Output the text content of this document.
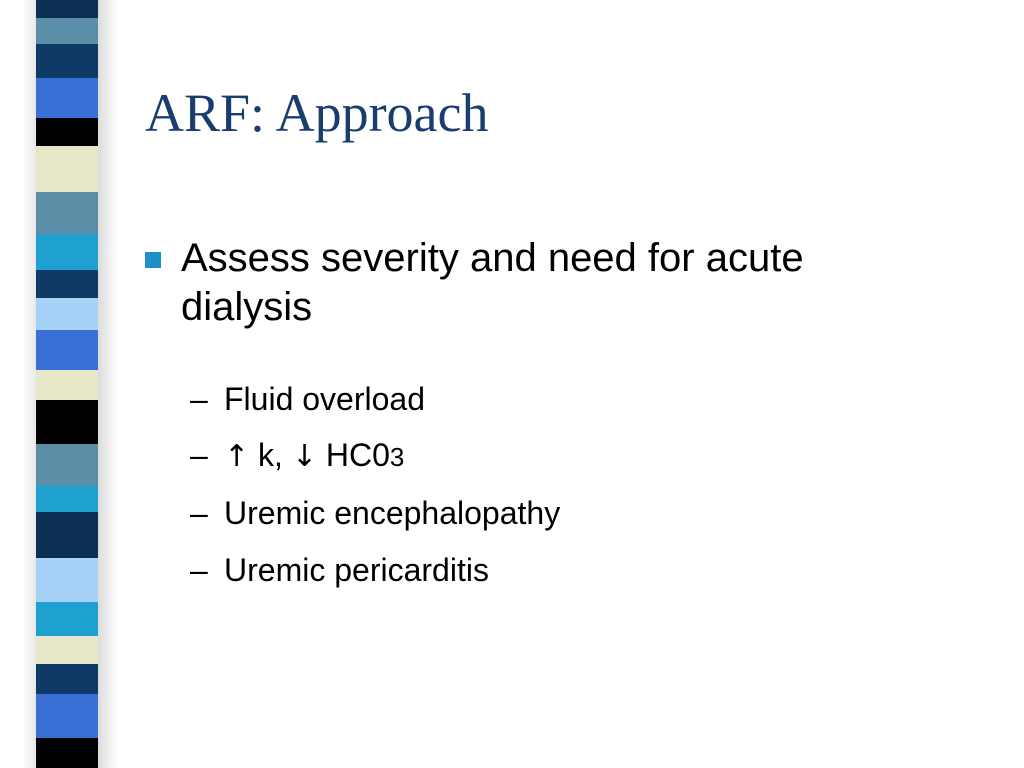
ARF: Approach
Assess severity and need for acute dialysis
– Fluid overload
– ↑ k, ↓ HC03
– Uremic encephalopathy
– Uremic pericarditis
